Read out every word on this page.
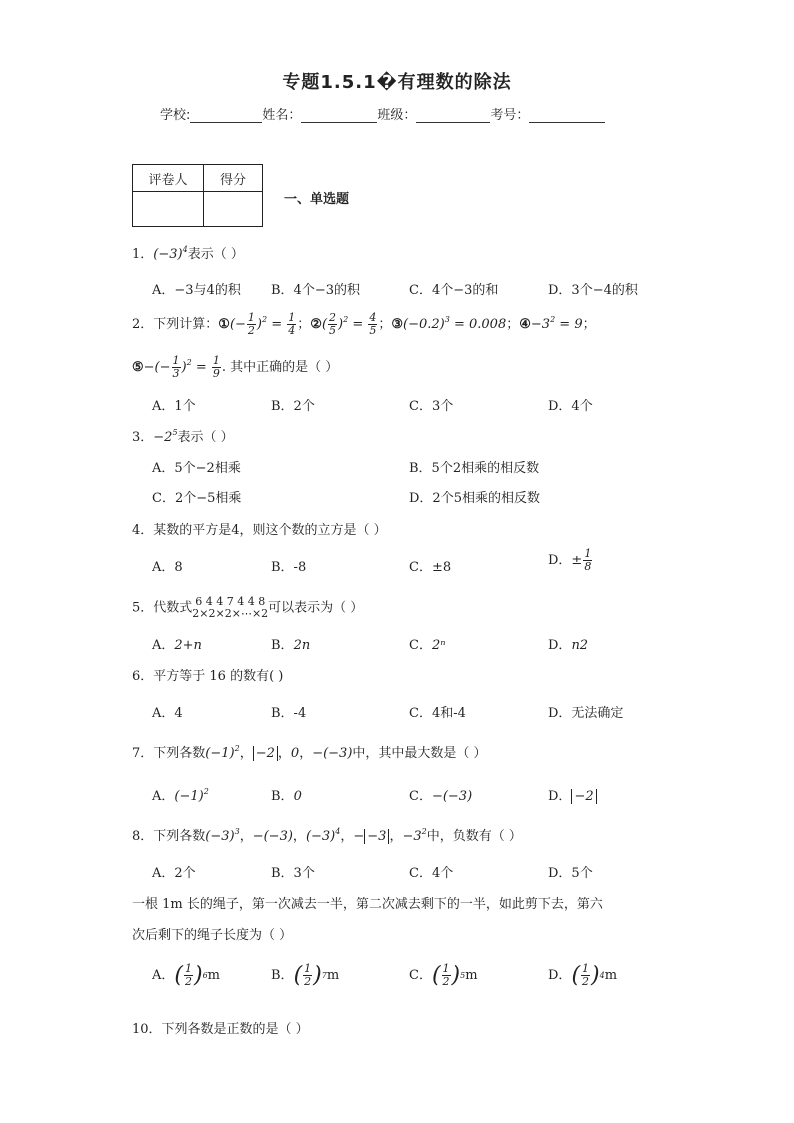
专题1.5.1�有理数的除法
学校:	姓名：	班级：	考号：
评卷人	得分

一、单选题
1．$(-3)^4$表示（ ）
A．−3与4的积 B．4个−3的积	C．4个−3的和	D．3个−4的积
2．下列计算：①(− $\frac{1}{2} )^2 = \frac{1}{4}$ ；②( $\frac{2}{5} )^2 = \frac{4}{5}$ ；$③(-0.2)^3 = 0.008$；$④-3^2 = 9$；
⑤−(− $\frac{1}{3} )^2 = \frac{1}{9}$ . 其中正确的是（ ）
A．1个	B．2个	C．3个	D．4个
3．$-2^5$表示（ ）
A．5个−2相乘	B．5个2相乘的相反数
C．2个−5相乘	D．2个5相乘的相反数
4．某数的平方是4，则这个数的立方是（ ）
A．8	B．-8	C．±8	D．± $\frac{1}{8}$
5．代数式 6 4 4 7 4 4 8
2×2×2×⋯×2可以表示为（ ）
A．2+n	B．2n	C．2ⁿ	D．n2
6．平方等于 16 的数有( )
A．4	B．-4	C．4和-4	D．无法确定
7．下列各数$(-1)^2$， −2 ，0，−(−3)中，其中最大数是（ ）
A．$(-1)^2$	B．0	C．−(−3)	D． −2
8．下列各数$(-3)^3$，−(−3)，$(-3)^4$，− −3 ，$-3^2$中，负数有（ ）
A．2个	B．3个	C．4个	D．5个
一根 1m 长的绳子，第一次减去一半，第二次减去剩下的一半，如此剪下去，第六
次后剩下的绳子长度为（ ）
A． ( $\frac{1}{2}$ ) 6 m	B． ( $\frac{1}{2}$ ) 7 m	C． ( $\frac{1}{2}$ ) 5 m	D． ( $\frac{1}{2}$ ) 4 m
10．下列各数是正数的是（ ）
